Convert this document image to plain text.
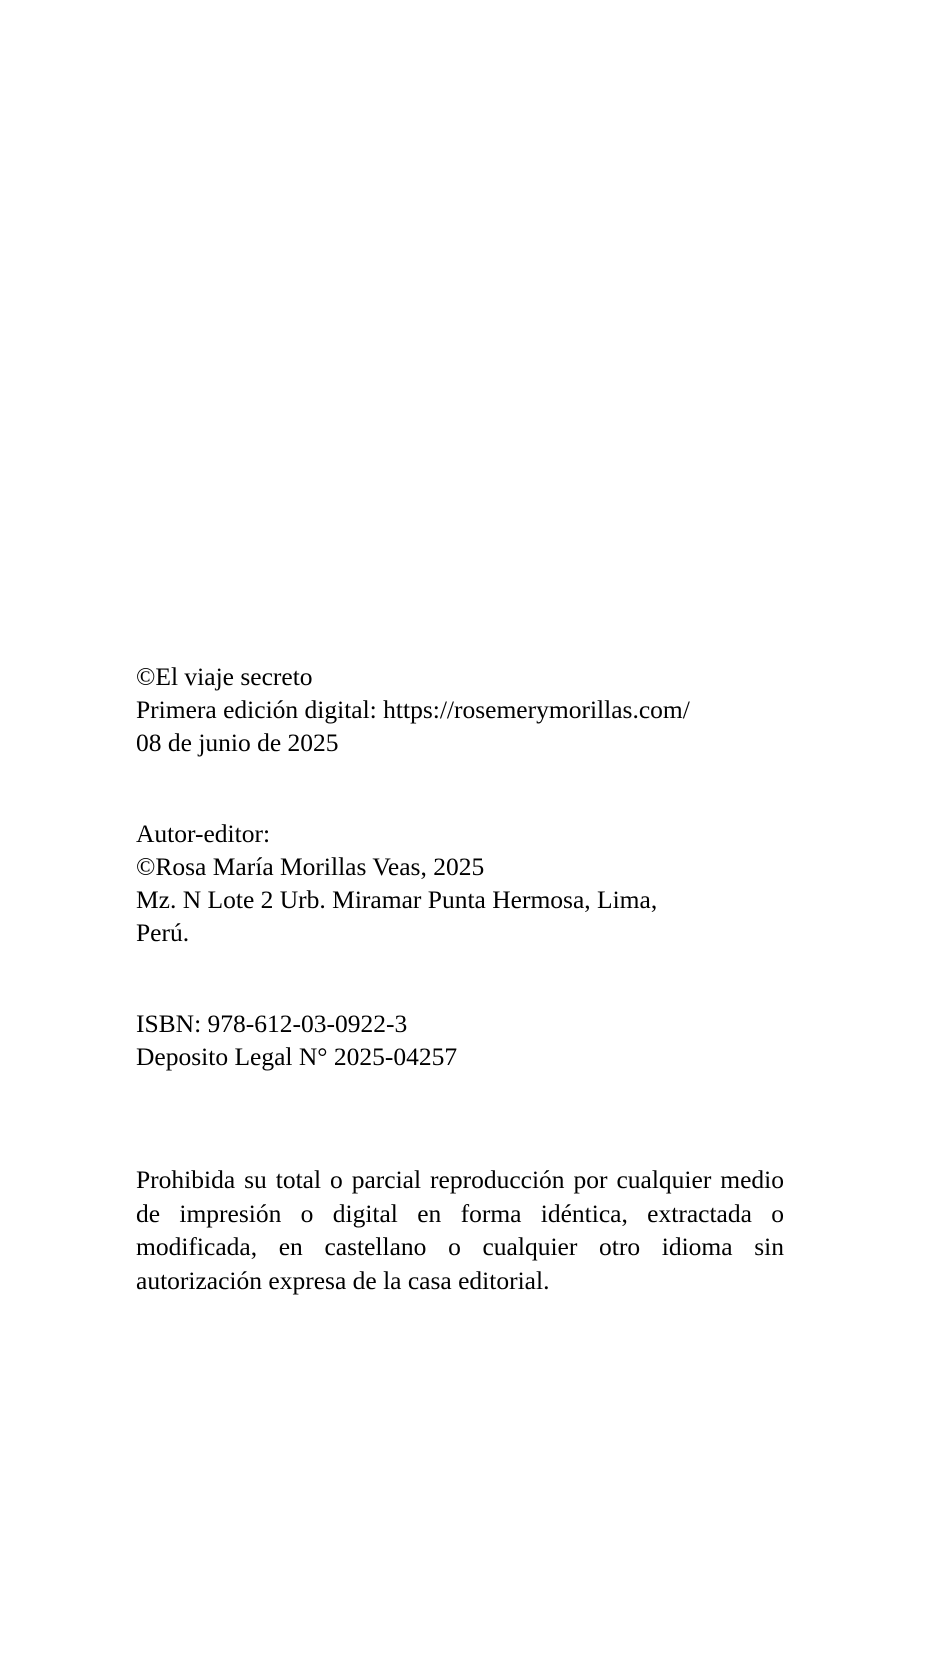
©El viaje secreto
Primera edición digital: https://rosemerymorillas.com/
08 de junio de 2025
Autor-editor:
©Rosa María Morillas Veas, 2025
Mz. N Lote 2 Urb. Miramar Punta Hermosa, Lima,
Perú.
ISBN: 978-612-03-0922-3
Deposito Legal N° 2025-04257
Prohibida su total o parcial reproducción por cualquier medio de impresión o digital en forma idéntica, extractada o modificada, en castellano o cualquier otro idioma sin autorización expresa de la casa editorial.
